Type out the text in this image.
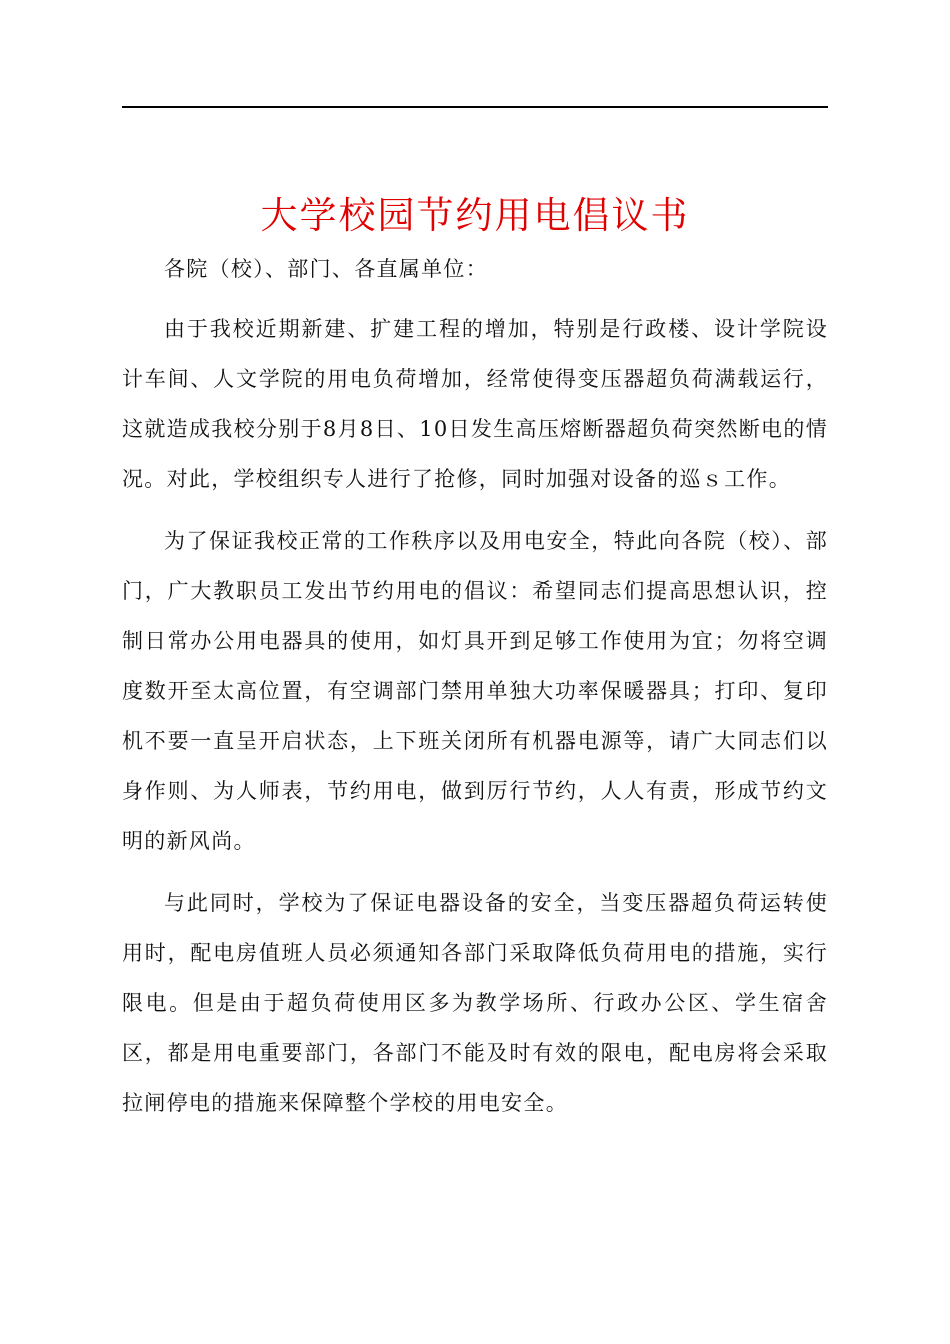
大学校园节约用电倡议书

各院（校）、部门、各直属单位：

由于我校近期新建、扩建工程的增加，特别是行政楼、设计学院设计车间、人文学院的用电负荷增加，经常使得变压器超负荷满载运行，这就造成我校分别于8月8日、10日发生高压熔断器超负荷突然断电的情况。对此，学校组织专人进行了抢修，同时加强对设备的巡ｓ工作。

为了保证我校正常的工作秩序以及用电安全，特此向各院（校）、部门，广大教职员工发出节约用电的倡议：希望同志们提高思想认识，控制日常办公用电器具的使用，如灯具开到足够工作使用为宜；勿将空调度数开至太高位置，有空调部门禁用单独大功率保暖器具；打印、复印机不要一直呈开启状态，上下班关闭所有机器电源等，请广大同志们以身作则、为人师表，节约用电，做到厉行节约，人人有责，形成节约文明的新风尚。

与此同时，学校为了保证电器设备的安全，当变压器超负荷运转使用时，配电房值班人员必须通知各部门采取降低负荷用电的措施，实行限电。但是由于超负荷使用区多为教学场所、行政办公区、学生宿舍区，都是用电重要部门，各部门不能及时有效的限电，配电房将会采取拉闸停电的措施来保障整个学校的用电安全。
